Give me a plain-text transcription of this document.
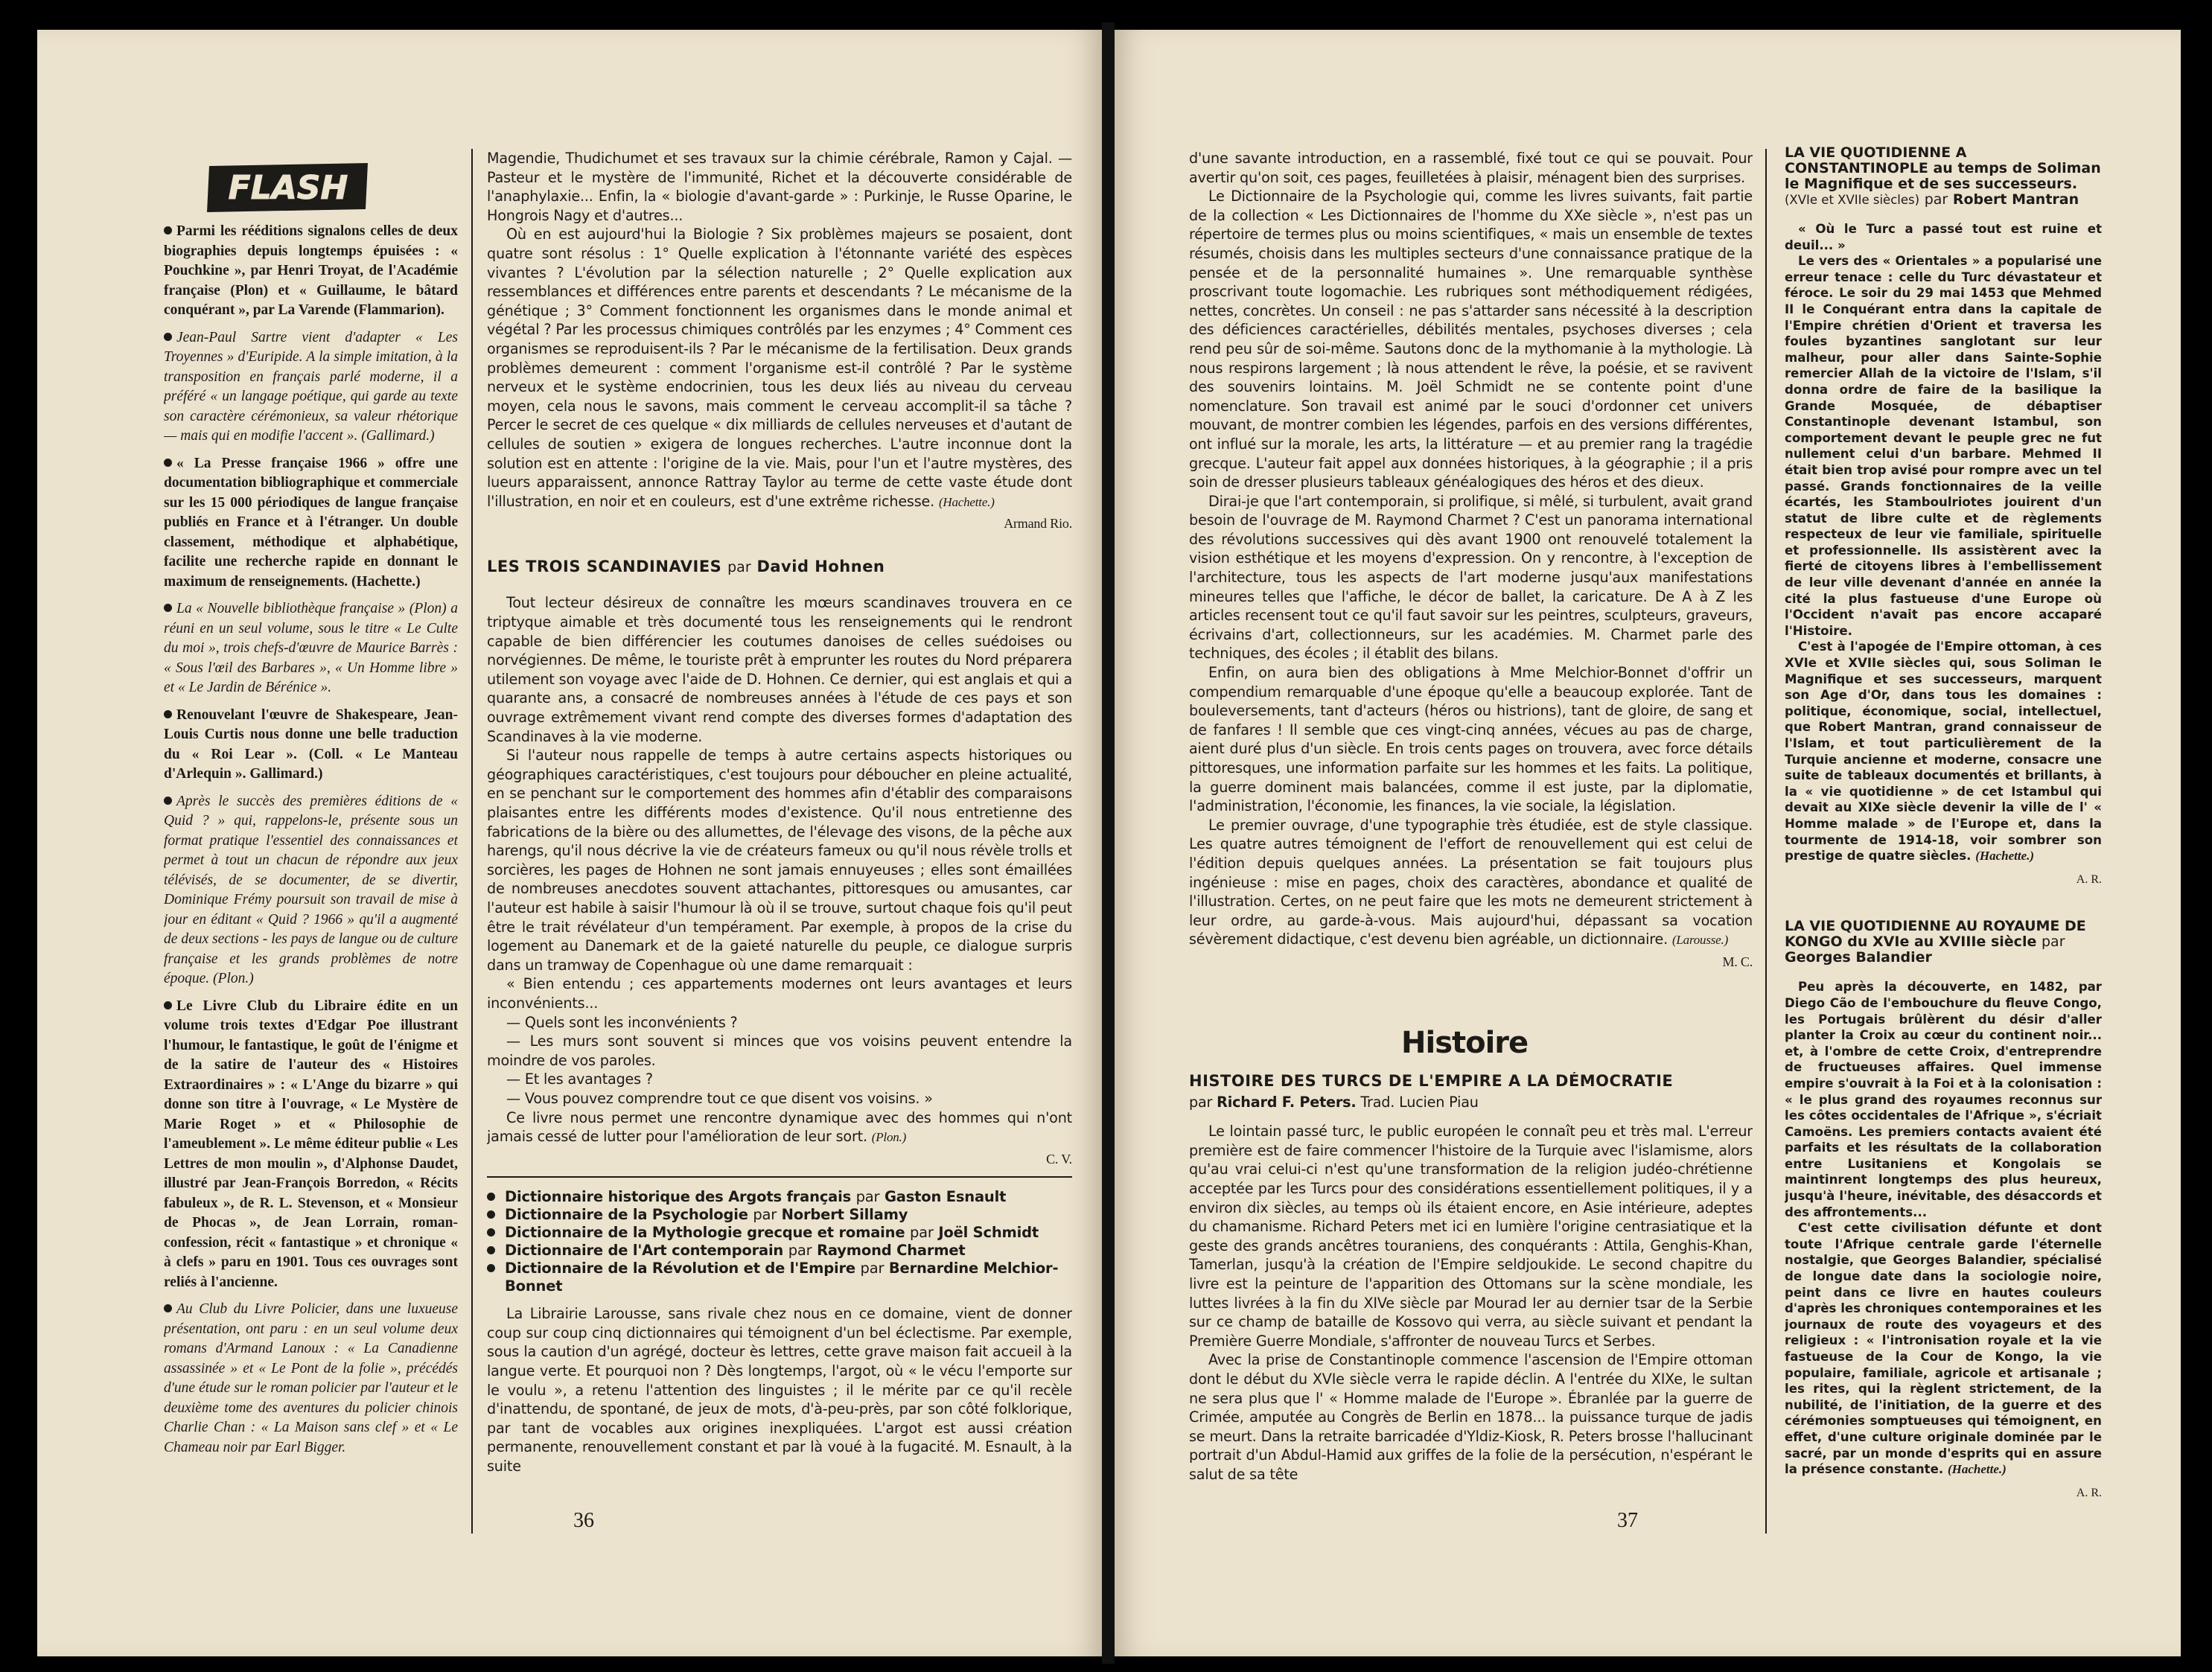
FLASH

Parmi les rééditions signalons celles de deux biographies depuis longtemps épuisées : « Pouchkine », par Henri Troyat, de l'Académie française (Plon) et « Guillaume, le bâtard conquérant », par La Varende (Flammarion).

Jean-Paul Sartre vient d'adapter « Les Troyennes » d'Euripide. A la simple imitation, à la transposition en français parlé moderne, il a préféré « un langage poétique, qui garde au texte son caractère cérémonieux, sa valeur rhétorique — mais qui en modifie l'accent ». (Gallimard.)

« La Presse française 1966 » offre une documentation bibliographique et commerciale sur les 15 000 périodiques de langue française publiés en France et à l'étranger. Un double classement, méthodique et alphabétique, facilite une recherche rapide en donnant le maximum de renseignements. (Hachette.)

La « Nouvelle bibliothèque française » (Plon) a réuni en un seul volume, sous le titre « Le Culte du moi », trois chefs-d'œuvre de Maurice Barrès : « Sous l'œil des Barbares », « Un Homme libre » et « Le Jardin de Bérénice ».

Renouvelant l'œuvre de Shakespeare, Jean-Louis Curtis nous donne une belle traduction du « Roi Lear ». (Coll. « Le Manteau d'Arlequin ». Gallimard.)

Après le succès des premières éditions de « Quid ? » qui, rappelons-le, présente sous un format pratique l'essentiel des connaissances et permet à tout un chacun de répondre aux jeux télévisés, de se documenter, de se divertir, Dominique Frémy poursuit son travail de mise à jour en éditant « Quid ? 1966 » qu'il a augmenté de deux sections - les pays de langue ou de culture française et les grands problèmes de notre époque. (Plon.)

Le Livre Club du Libraire édite en un volume trois textes d'Edgar Poe illustrant l'humour, le fantastique, le goût de l'énigme et de la satire de l'auteur des « Histoires Extraordinaires » : « L'Ange du bizarre » qui donne son titre à l'ouvrage, « Le Mystère de Marie Roget » et « Philosophie de l'ameublement ». Le même éditeur publie « Les Lettres de mon moulin », d'Alphonse Daudet, illustré par Jean-François Borredon, « Récits fabuleux », de R. L. Stevenson, et « Monsieur de Phocas », de Jean Lorrain, roman-confession, récit « fantastique » et chronique « à clefs » paru en 1901. Tous ces ouvrages sont reliés à l'ancienne.

Au Club du Livre Policier, dans une luxueuse présentation, ont paru : en un seul volume deux romans d'Armand Lanoux : « La Canadienne assassinée » et « Le Pont de la folie », précédés d'une étude sur le roman policier par l'auteur et le deuxième tome des aventures du policier chinois Charlie Chan : « La Maison sans clef » et « Le Chameau noir par Earl Bigger.

Magendie, Thudichumet et ses travaux sur la chimie cérébrale, Ramon y Cajal. — Pasteur et le mystère de l'immunité, Richet et la découverte considérable de l'anaphylaxie... Enfin, la « biologie d'avant-garde » : Purkinje, le Russe Oparine, le Hongrois Nagy et d'autres...

Où en est aujourd'hui la Biologie ? Six problèmes majeurs se posaient, dont quatre sont résolus : 1° Quelle explication à l'étonnante variété des espèces vivantes ? L'évolution par la sélection naturelle ; 2° Quelle explication aux ressemblances et différences entre parents et descendants ? Le mécanisme de la génétique ; 3° Comment fonctionnent les organismes dans le monde animal et végétal ? Par les processus chimiques contrôlés par les enzymes ; 4° Comment ces organismes se reproduisent-ils ? Par le mécanisme de la fertilisation. Deux grands problèmes demeurent : comment l'organisme est-il contrôlé ? Par le système nerveux et le système endocrinien, tous les deux liés au niveau du cerveau moyen, cela nous le savons, mais comment le cerveau accomplit-il sa tâche ? Percer le secret de ces quelque « dix milliards de cellules nerveuses et d'autant de cellules de soutien » exigera de longues recherches. L'autre inconnue dont la solution est en attente : l'origine de la vie. Mais, pour l'un et l'autre mystères, des lueurs apparaissent, annonce Rattray Taylor au terme de cette vaste étude dont l'illustration, en noir et en couleurs, est d'une extrême richesse. (Hachette.)

Armand Rio.

LES TROIS SCANDINAVIES par David Hohnen

Tout lecteur désireux de connaître les mœurs scandinaves trouvera en ce triptyque aimable et très documenté tous les renseignements qui le rendront capable de bien différencier les coutumes danoises de celles suédoises ou norvégiennes. De même, le touriste prêt à emprunter les routes du Nord préparera utilement son voyage avec l'aide de D. Hohnen. Ce dernier, qui est anglais et qui a quarante ans, a consacré de nombreuses années à l'étude de ces pays et son ouvrage extrêmement vivant rend compte des diverses formes d'adaptation des Scandinaves à la vie moderne.

Si l'auteur nous rappelle de temps à autre certains aspects historiques ou géographiques caractéristiques, c'est toujours pour déboucher en pleine actualité, en se penchant sur le comportement des hommes afin d'établir des comparaisons plaisantes entre les différents modes d'existence. Qu'il nous entretienne des fabrications de la bière ou des allumettes, de l'élevage des visons, de la pêche aux harengs, qu'il nous décrive la vie de créateurs fameux ou qu'il nous révèle trolls et sorcières, les pages de Hohnen ne sont jamais ennuyeuses ; elles sont émaillées de nombreuses anecdotes souvent attachantes, pittoresques ou amusantes, car l'auteur est habile à saisir l'humour là où il se trouve, surtout chaque fois qu'il peut être le trait révélateur d'un tempérament. Par exemple, à propos de la crise du logement au Danemark et de la gaieté naturelle du peuple, ce dialogue surpris dans un tramway de Copenhague où une dame remarquait :

« Bien entendu ; ces appartements modernes ont leurs avantages et leurs inconvénients...

— Quels sont les inconvénients ?

— Les murs sont souvent si minces que vos voisins peuvent entendre la moindre de vos paroles.

— Et les avantages ?

— Vous pouvez comprendre tout ce que disent vos voisins. »

Ce livre nous permet une rencontre dynamique avec des hommes qui n'ont jamais cessé de lutter pour l'amélioration de leur sort. (Plon.)

C. V.

Dictionnaire historique des Argots français par Gaston Esnault
Dictionnaire de la Psychologie par Norbert Sillamy
Dictionnaire de la Mythologie grecque et romaine par Joël Schmidt
Dictionnaire de l'Art contemporain par Raymond Charmet
Dictionnaire de la Révolution et de l'Empire par Bernardine Melchior-Bonnet

La Librairie Larousse, sans rivale chez nous en ce domaine, vient de donner coup sur coup cinq dictionnaires qui témoignent d'un bel éclectisme. Par exemple, sous la caution d'un agrégé, docteur ès lettres, cette grave maison fait accueil à la langue verte. Et pourquoi non ? Dès longtemps, l'argot, où « le vécu l'emporte sur le voulu », a retenu l'attention des linguistes ; il le mérite par ce qu'il recèle d'inattendu, de spontané, de jeux de mots, d'à-peu-près, par son côté folklorique, par tant de vocables aux origines inexpliquées. L'argot est aussi création permanente, renouvellement constant et par là voué à la fugacité. M. Esnault, à la suite

36

d'une savante introduction, en a rassemblé, fixé tout ce qui se pouvait. Pour avertir qu'on soit, ces pages, feuilletées à plaisir, ménagent bien des surprises.

Le Dictionnaire de la Psychologie qui, comme les livres suivants, fait partie de la collection « Les Dictionnaires de l'homme du XXe siècle », n'est pas un répertoire de termes plus ou moins scientifiques, « mais un ensemble de textes résumés, choisis dans les multiples secteurs d'une connaissance pratique de la pensée et de la personnalité humaines ». Une remarquable synthèse proscrivant toute logomachie. Les rubriques sont méthodiquement rédigées, nettes, concrètes. Un conseil : ne pas s'attarder sans nécessité à la description des déficiences caractérielles, débilités mentales, psychoses diverses ; cela rend peu sûr de soi-même. Sautons donc de la mythomanie à la mythologie. Là nous respirons largement ; là nous attendent le rêve, la poésie, et se ravivent des souvenirs lointains. M. Joël Schmidt ne se contente point d'une nomenclature. Son travail est animé par le souci d'ordonner cet univers mouvant, de montrer combien les légendes, parfois en des versions différentes, ont influé sur la morale, les arts, la littérature — et au premier rang la tragédie grecque. L'auteur fait appel aux données historiques, à la géographie ; il a pris soin de dresser plusieurs tableaux généalogiques des héros et des dieux.

Dirai-je que l'art contemporain, si prolifique, si mêlé, si turbulent, avait grand besoin de l'ouvrage de M. Raymond Charmet ? C'est un panorama international des révolutions successives qui dès avant 1900 ont renouvelé totalement la vision esthétique et les moyens d'expression. On y rencontre, à l'exception de l'architecture, tous les aspects de l'art moderne jusqu'aux manifestations mineures telles que l'affiche, le décor de ballet, la caricature. De A à Z les articles recensent tout ce qu'il faut savoir sur les peintres, sculpteurs, graveurs, écrivains d'art, collectionneurs, sur les académies. M. Charmet parle des techniques, des écoles ; il établit des bilans.

Enfin, on aura bien des obligations à Mme Melchior-Bonnet d'offrir un compendium remarquable d'une époque qu'elle a beaucoup explorée. Tant de bouleversements, tant d'acteurs (héros ou histrions), tant de gloire, de sang et de fanfares ! Il semble que ces vingt-cinq années, vécues au pas de charge, aient duré plus d'un siècle. En trois cents pages on trouvera, avec force détails pittoresques, une information parfaite sur les hommes et les faits. La politique, la guerre dominent mais balancées, comme il est juste, par la diplomatie, l'administration, l'économie, les finances, la vie sociale, la législation.

Le premier ouvrage, d'une typographie très étudiée, est de style classique. Les quatre autres témoignent de l'effort de renouvellement qui est celui de l'édition depuis quelques années. La présentation se fait toujours plus ingénieuse : mise en pages, choix des caractères, abondance et qualité de l'illustration. Certes, on ne peut faire que les mots ne demeurent strictement à leur ordre, au garde-à-vous. Mais aujourd'hui, dépassant sa vocation sévèrement didactique, c'est devenu bien agréable, un dictionnaire. (Larousse.)

M. C.

Histoire
HISTOIRE DES TURCS DE L'EMPIRE A LA DÉMOCRATIE
par Richard F. Peters. Trad. Lucien Piau

Le lointain passé turc, le public européen le connaît peu et très mal. L'erreur première est de faire commencer l'histoire de la Turquie avec l'islamisme, alors qu'au vrai celui-ci n'est qu'une transformation de la religion judéo-chrétienne acceptée par les Turcs pour des considérations essentiellement politiques, il y a environ dix siècles, au temps où ils étaient encore, en Asie intérieure, adeptes du chamanisme. Richard Peters met ici en lumière l'origine centrasiatique et la geste des grands ancêtres touraniens, des conquérants : Attila, Genghis-Khan, Tamerlan, jusqu'à la création de l'Empire seldjoukide. Le second chapitre du livre est la peinture de l'apparition des Ottomans sur la scène mondiale, les luttes livrées à la fin du XIVe siècle par Mourad Ier au dernier tsar de la Serbie sur ce champ de bataille de Kossovo qui verra, au siècle suivant et pendant la Première Guerre Mondiale, s'affronter de nouveau Turcs et Serbes.

Avec la prise de Constantinople commence l'ascension de l'Empire ottoman dont le début du XVIe siècle verra le rapide déclin. A l'entrée du XIXe, le sultan ne sera plus que l' « Homme malade de l'Europe ». Ébranlée par la guerre de Crimée, amputée au Congrès de Berlin en 1878... la puissance turque de jadis se meurt. Dans la retraite barricadée d'Yldiz-Kiosk, R. Peters brosse l'hallucinant portrait d'un Abdul-Hamid aux griffes de la folie de la persécution, n'espérant le salut de sa tête

LA VIE QUOTIDIENNE A CONSTANTINOPLE au temps de Soliman le Magnifique et de ses successeurs. (XVIe et XVIIe siècles) par Robert Mantran

« Où le Turc a passé tout est ruine et deuil... »

Le vers des « Orientales » a popularisé une erreur tenace : celle du Turc dévastateur et féroce. Le soir du 29 mai 1453 que Mehmed II le Conquérant entra dans la capitale de l'Empire chrétien d'Orient et traversa les foules byzantines sanglotant sur leur malheur, pour aller dans Sainte-Sophie remercier Allah de la victoire de l'Islam, s'il donna ordre de faire de la basilique la Grande Mosquée, de débaptiser Constantinople devenant Istambul, son comportement devant le peuple grec ne fut nullement celui d'un barbare. Mehmed II était bien trop avisé pour rompre avec un tel passé. Grands fonctionnaires de la veille écartés, les Stamboulriotes jouirent d'un statut de libre culte et de règlements respecteux de leur vie familiale, spirituelle et professionnelle. Ils assistèrent avec la fierté de citoyens libres à l'embellissement de leur ville devenant d'année en année la cité la plus fastueuse d'une Europe où l'Occident n'avait pas encore accaparé l'Histoire.

C'est à l'apogée de l'Empire ottoman, à ces XVIe et XVIIe siècles qui, sous Soliman le Magnifique et ses successeurs, marquent son Age d'Or, dans tous les domaines : politique, économique, social, intellectuel, que Robert Mantran, grand connaisseur de l'Islam, et tout particulièrement de la Turquie ancienne et moderne, consacre une suite de tableaux documentés et brillants, à la « vie quotidienne » de cet Istambul qui devait au XIXe siècle devenir la ville de l' « Homme malade » de l'Europe et, dans la tourmente de 1914-18, voir sombrer son prestige de quatre siècles. (Hachette.)

A. R.

LA VIE QUOTIDIENNE AU ROYAUME DE KONGO du XVIe au XVIIIe siècle par Georges Balandier

Peu après la découverte, en 1482, par Diego Cão de l'embouchure du fleuve Congo, les Portugais brûlèrent du désir d'aller planter la Croix au cœur du continent noir... et, à l'ombre de cette Croix, d'entreprendre de fructueuses affaires. Quel immense empire s'ouvrait à la Foi et à la colonisation : « le plus grand des royaumes reconnus sur les côtes occidentales de l'Afrique », s'écriait Camoëns. Les premiers contacts avaient été parfaits et les résultats de la collaboration entre Lusitaniens et Kongolais se maintinrent longtemps des plus heureux, jusqu'à l'heure, inévitable, des désaccords et des affrontements...

C'est cette civilisation défunte et dont toute l'Afrique centrale garde l'éternelle nostalgie, que Georges Balandier, spécialisé de longue date dans la sociologie noire, peint dans ce livre en hautes couleurs d'après les chroniques contemporaines et les journaux de route des voyageurs et des religieux : « l'intronisation royale et la vie fastueuse de la Cour de Kongo, la vie populaire, familiale, agricole et artisanale ; les rites, qui la règlent strictement, de la nubilité, de l'initiation, de la guerre et des cérémonies somptueuses qui témoignent, en effet, d'une culture originale dominée par le sacré, par un monde d'esprits qui en assure la présence constante. (Hachette.)

A. R.

37
